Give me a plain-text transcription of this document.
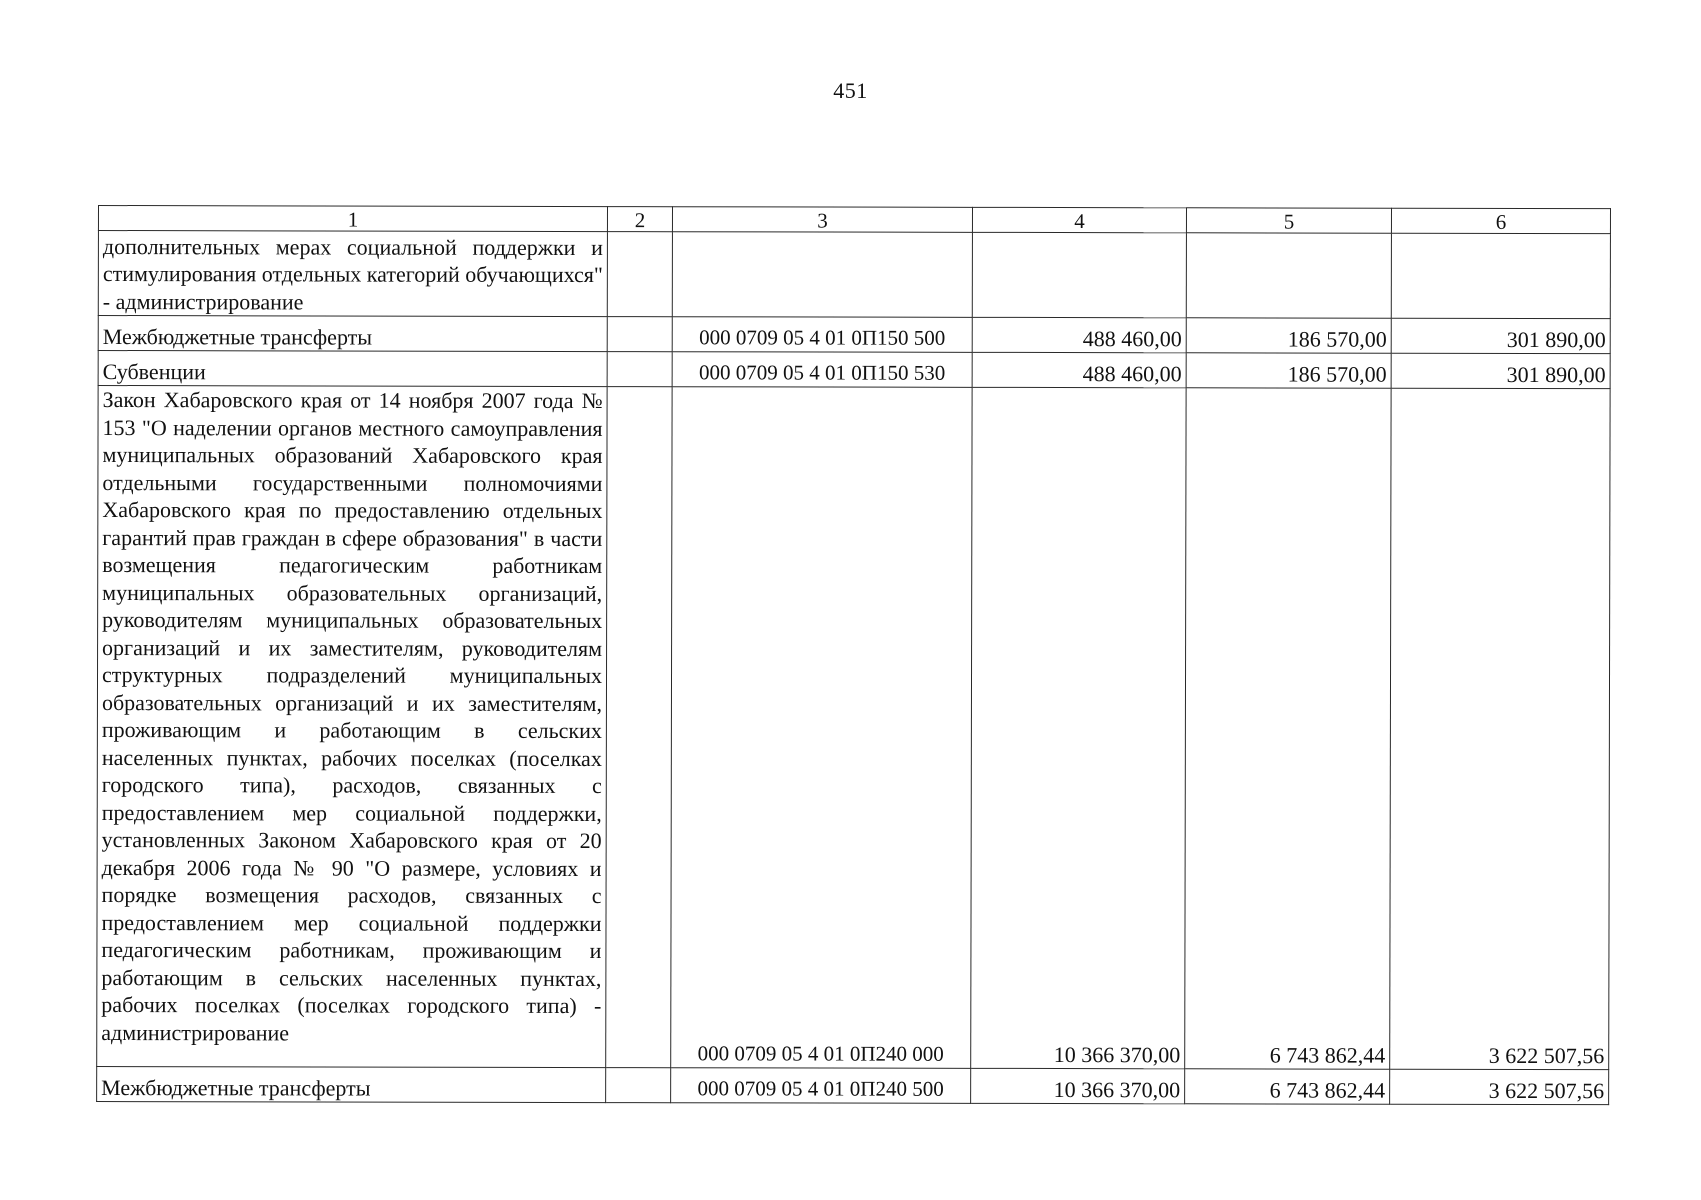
451
1	2	3	4	5	6

дополнительных мерах социальной поддержки и стимулирования отдельных категорий обучающихся" - администрирование					

Межбюджетные трансферты		000 0709 05 4 01 0П150 500	488 460,00	186 570,00	301 890,00
Субвенции		000 0709 05 4 01 0П150 530	488 460,00	186 570,00	301 890,00
Закон Хабаровского края от 14 ноября 2007 года № 153 "О наделении органов местного самоуправления муниципальных образований Хабаровского края отдельными государственными полномочиями Хабаровского края по предоставлению отдельных гарантий прав граждан в сфере образования" в части возмещения педагогическим работникам муниципальных образовательных организаций, руководителям муниципальных образовательных организаций и их заместителям, руководителям структурных подразделений муниципальных образовательных организаций и их заместителям, проживающим и работающим в сельских населенных пунктах, рабочих поселках (поселках городского типа), расходов, связанных с предоставлением мер социальной поддержки, установленных Законом Хабаровского края от 20 декабря 2006 года № 90 "О размере, условиях и порядке возмещения расходов, связанных с предоставлением мер социальной поддержки педагогическим работникам, проживающим и работающим в сельских населенных пунктах, рабочих поселках (поселках городского типа) - администрирование		000 0709 05 4 01 0П240 000	10 366 370,00	6 743 862,44	3 622 507,56
Межбюджетные трансферты		000 0709 05 4 01 0П240 500	10 366 370,00	6 743 862,44	3 622 507,56
